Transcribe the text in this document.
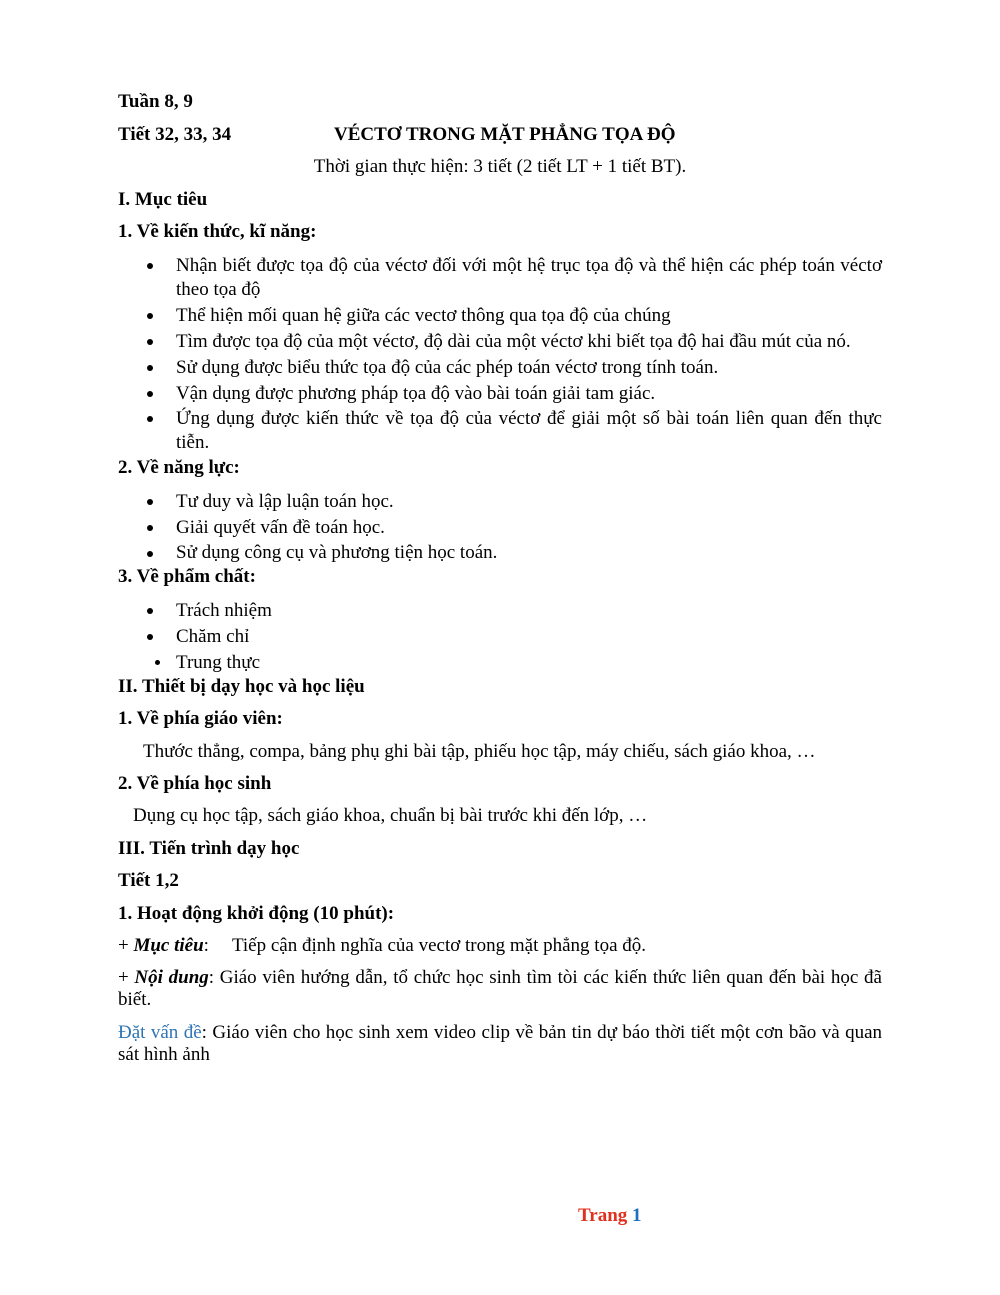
Tuần 8, 9
Tiết 32, 33, 34	VÉCTƠ TRONG MẶT PHẲNG TỌA ĐỘ
Thời gian thực hiện: 3 tiết (2 tiết LT + 1 tiết BT).
I. Mục tiêu
1. Về kiến thức, kĩ năng:
Nhận biết được tọa độ của véctơ đối với một hệ trục tọa độ và thể hiện các phép toán véctơ theo tọa độ
Thể hiện mối quan hệ giữa các vectơ thông qua tọa độ của chúng
Tìm được tọa độ của một véctơ, độ dài của một véctơ khi biết tọa độ hai đầu mút của nó.
Sử dụng được biểu thức tọa độ của các phép toán véctơ trong tính toán.
Vận dụng được phương pháp tọa độ vào bài toán giải tam giác.
Ứng dụng được kiến thức về tọa độ của véctơ để giải một số bài toán liên quan đến thực tiễn.
2. Về năng lực:
Tư duy và lập luận toán học.
Giải quyết vấn đề toán học.
Sử dụng công cụ và phương tiện học toán.
3. Về phẩm chất:
Trách nhiệm
Chăm chỉ
Trung thực
II. Thiết bị dạy học và học liệu
1. Về phía giáo viên:
Thước thẳng, compa, bảng phụ ghi bài tập, phiếu học tập, máy chiếu, sách giáo khoa, …
2. Về phía học sinh
Dụng cụ học tập, sách giáo khoa, chuẩn bị bài trước khi đến lớp, …
III. Tiến trình dạy học
Tiết 1,2
1. Hoạt động khởi động (10 phút):
+ Mục tiêu: Tiếp cận định nghĩa của vectơ trong mặt phẳng tọa độ.
+ Nội dung: Giáo viên hướng dẫn, tổ chức học sinh tìm tòi các kiến thức liên quan đến bài học đã biết.
Đặt vấn đề: Giáo viên cho học sinh xem video clip về bản tin dự báo thời tiết một cơn bão và quan sát hình ảnh
Trang 1
